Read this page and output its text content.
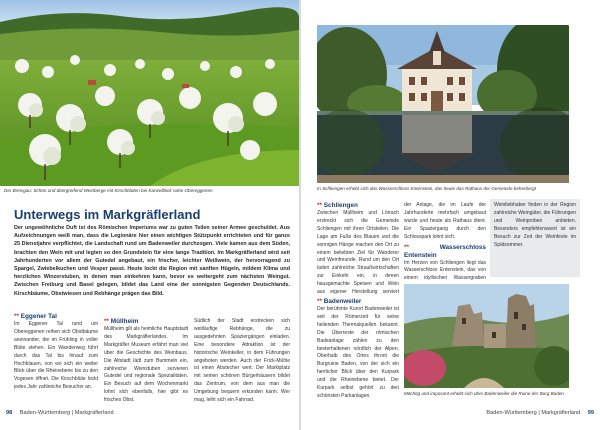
Der Breisgau: Schön und übergreifend Weinberge mit Kirschblüten bei Kanzelblick nahe Obereggenen
Unterwegs im Markgräflerland

Der ungewöhnliche Duft ist des Römischen Imperiums war zu guten Teilen seiner Armee geschuldet. Aus Aufzeichnungen weiß man, dass die Legionäre hier einen wichtigen Stützpunkt errichteten und für ganze 25 Dienstjahre verpflichtet, die Landschaft rund um Badenweiler durchzogen. Viele kamen aus dem Süden, brachten den Wein mit und legten so den Grundstein für eine lange Tradition. Im Markgräflerland wird seit Jahrhunderten vor allem der Gutedel angebaut, ein frischer, leichter Weißwein, der hervorragend zu Spargel, Zwiebelkuchen und Vesper passt. Heute lockt die Region mit sanften Hügeln, mildem Klima und herzlichen Winzerstuben, in denen man einkehren kann, bevor es weitergeht zum nächsten Weingut. Zwischen Freiburg und Basel gelegen, bildet das Land eine der sonnigsten Gegenden Deutschlands. Kirschbäume, Obstwiesen und Rebhänge prägen das Bild.

** Eggener Tal

Im Eggener Tal rund um Obereggenen reihen sich Obstbäume aneinander, die im Frühling in voller Blüte stehen. Ein Wanderweg führt durch das Tal bis hinauf zum Hochblauen, von wo sich ein weiter Blick über die Rheinebene bis zu den Vogesen öffnet. Die Kirschblüte lockt jedes Jahr zahlreiche Besucher an.

** Müllheim

Müllheim gilt als heimliche Hauptstadt des Markgräflerlandes. Im Markgräfler Museum erfährt man viel über die Geschichte des Weinbaus. Die Altstadt lädt zum Bummeln ein, zahlreiche Weinstuben servieren Gutedel und regionale Spezialitäten. Ein Besuch auf dem Wochenmarkt lohnt sich ebenfalls, hier gibt es frisches Obst.

Südlich der Stadt erstrecken sich weitläufige Rebhänge, die zu ausgedehnten Spaziergängen einladen. Eine besondere Attraktion ist der historische Weinkeller, in dem Führungen angeboten werden. Auch der Frick-Mühle ist einen Abstecher wert. Der Marktplatz mit seinen schönen Bürgerhäusern bildet das Zentrum, von dem aus man die Umgebung bequem erkunden kann. Wer mag, leiht sich ein Fahrrad.

98 Baden-Württemberg | Markgräflerland
In Schliengen erhebt sich das Wasserschloss Entenstein, das heute das Rathaus der Gemeinde beherbergt
** Schliengen

Zwischen Müllheim und Lörrach erstreckt sich die Gemeinde Schliengen mit ihren Ortsteilen. Die Lage am Fuße des Blauen und die sonnigen Hänge machen den Ort zu einem beliebten Ziel für Wanderer und Weinfreunde. Rund um den Ort laden zahlreiche Straußwirtschaften zur Einkehr ein, in denen hausgemachte Speisen und Wein aus eigener Herstellung serviert

** Badenweiler

Der berühmte Kurort Badenweiler ist seit der Römerzeit für seine heilenden Thermalquellen bekannt. Die Überreste der römischen Badeanlage zählen zu den besterhaltenen nördlich der Alpen. Oberhalb des Ortes thront die Burgruine Baden, von der sich ein herrlicher Blick über den Kurpark und die Rheinebene bietet. Der Kurpark selbst gehört zu den schönsten Parkanlagen.

der Anlage, die im Laufe der Jahrhunderte mehrfach umgebaut wurde und heute als Rathaus dient. Ein Spaziergang durch den Schlosspark lohnt sich.

**	Wasserschloss Entenstein

Im Herzen von Schliengen liegt das Wasserschloss Entenstein, das von einem idyllischen Wassergraben

Weinliebhaber finden in der Region zahlreiche Weingüter, die Führungen und Weinproben anbieten. Besonders empfehlenswert ist ein Besuch zur Zeit der Weinfeste im Spätsommer.
Mächtig und imposant erhebt sich über Badenweiler die Ruine der Burg Baden
Baden-Württemberg | Markgräflerland 99
